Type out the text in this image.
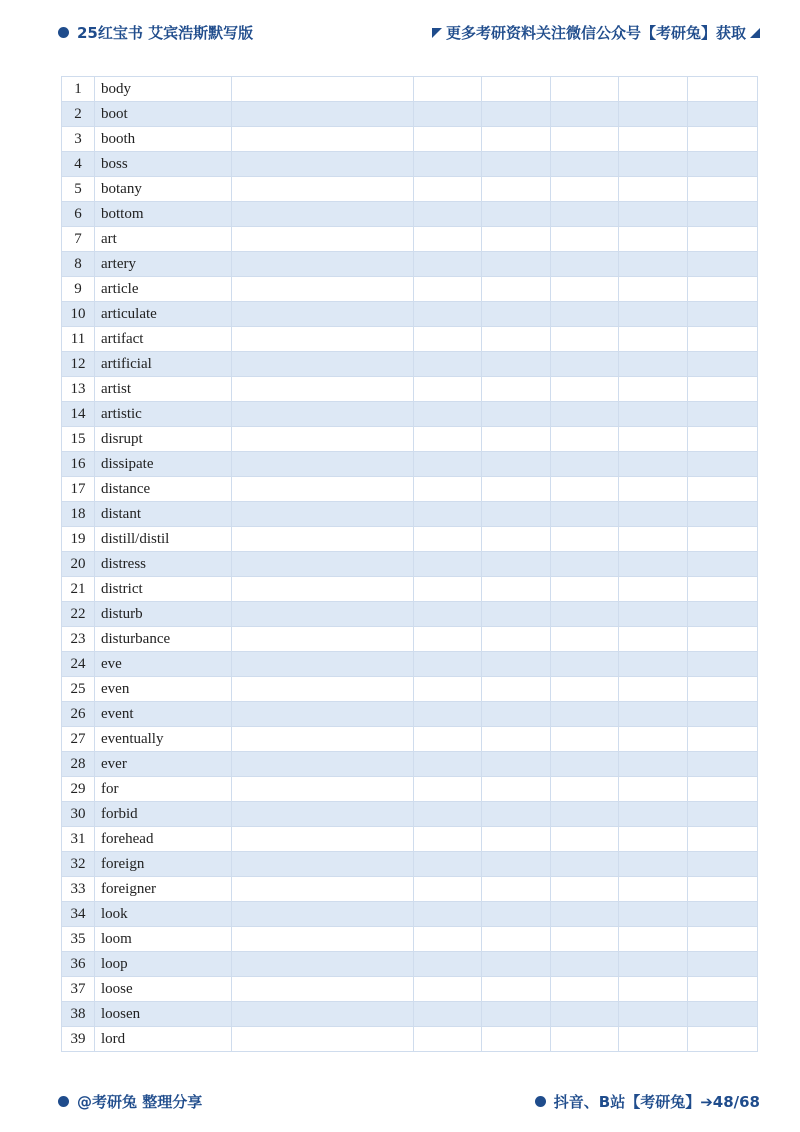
25红宝书 艾宾浩斯默写版	更多考研资料关注微信公众号【考研兔】获取
1	body						
2	boot						
3	booth						
4	boss						
5	botany						
6	bottom						
7	art						
8	artery						
9	article						
10	articulate						
11	artifact						
12	artificial						
13	artist						
14	artistic						
15	disrupt						
16	dissipate						
17	distance						
18	distant						
19	distill/distil						
20	distress						
21	district						
22	disturb						
23	disturbance						
24	eve						
25	even						
26	event						
27	eventually						
28	ever						
29	for						
30	forbid						
31	forehead						
32	foreign						
33	foreigner						
34	look						
35	loom						
36	loop						
37	loose						
38	loosen						
39	lord						
@考研兔 整理分享	抖音、B站【考研兔】➔48/68
